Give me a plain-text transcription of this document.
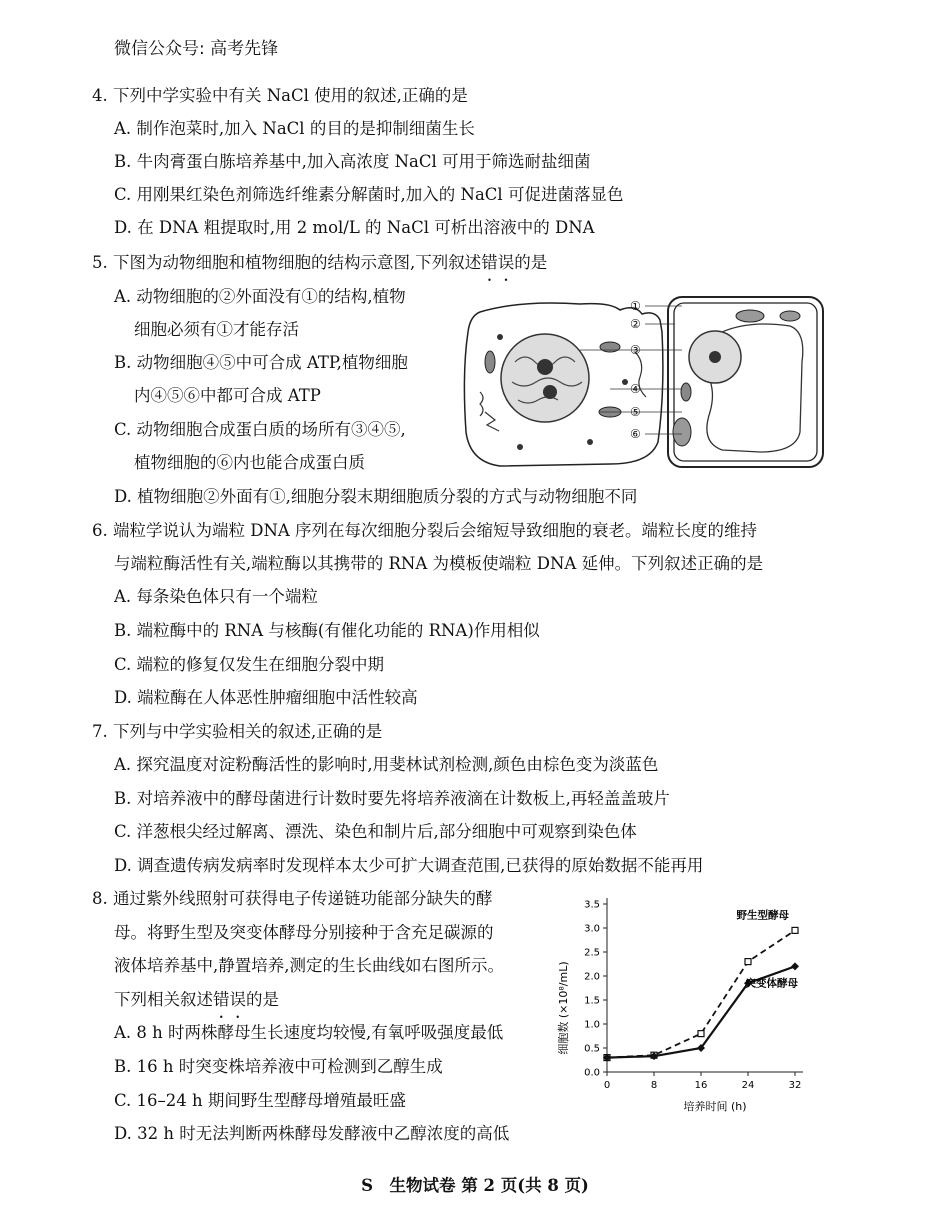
微信公众号: 高考先锋
4. 下列中学实验中有关 NaCl 使用的叙述,正确的是
A. 制作泡菜时,加入 NaCl 的目的是抑制细菌生长
B. 牛肉膏蛋白胨培养基中,加入高浓度 NaCl 可用于筛选耐盐细菌
C. 用刚果红染色剂筛选纤维素分解菌时,加入的 NaCl 可促进菌落显色
D. 在 DNA 粗提取时,用 2 mol/L 的 NaCl 可析出溶液中的 DNA
5. 下图为动物细胞和植物细胞的结构示意图,下列叙述错误的是
A. 动物细胞的②外面没有①的结构,植物
细胞必须有①才能存活
B. 动物细胞④⑤中可合成 ATP,植物细胞
内④⑤⑥中都可合成 ATP
C. 动物细胞合成蛋白质的场所有③④⑤,
植物细胞的⑥内也能合成蛋白质
D. 植物细胞②外面有①,细胞分裂末期细胞质分裂的方式与动物细胞不同
①
②
③
④
⑤
⑥
6. 端粒学说认为端粒 DNA 序列在每次细胞分裂后会缩短导致细胞的衰老。端粒长度的维持
与端粒酶活性有关,端粒酶以其携带的 RNA 为模板使端粒 DNA 延伸。下列叙述正确的是
A. 每条染色体只有一个端粒
B. 端粒酶中的 RNA 与核酶(有催化功能的 RNA)作用相似
C. 端粒的修复仅发生在细胞分裂中期
D. 端粒酶在人体恶性肿瘤细胞中活性较高
7. 下列与中学实验相关的叙述,正确的是
A. 探究温度对淀粉酶活性的影响时,用斐林试剂检测,颜色由棕色变为淡蓝色
B. 对培养液中的酵母菌进行计数时要先将培养液滴在计数板上,再轻盖盖玻片
C. 洋葱根尖经过解离、漂洗、染色和制片后,部分细胞中可观察到染色体
D. 调查遗传病发病率时发现样本太少可扩大调查范围,已获得的原始数据不能再用
8. 通过紫外线照射可获得电子传递链功能部分缺失的酵
母。将野生型及突变体酵母分别接种于含充足碳源的
液体培养基中,静置培养,测定的生长曲线如右图所示。
下列相关叙述错误的是
A. 8 h 时两株酵母生长速度均较慢,有氧呼吸强度最低
B. 16 h 时突变株培养液中可检测到乙醇生成
C. 16–24 h 期间野生型酵母增殖最旺盛
D. 32 h 时无法判断两株酵母发酵液中乙醇浓度的高低
细胞数 (×10⁸/mL)
培养时间 (h)
0.0
0.5
1.0
1.5
2.0
2.5
3.0
3.5
0	8	16	24	32
野生型酵母
突变体酵母
S　生物试卷 第 2 页(共 8 页)
